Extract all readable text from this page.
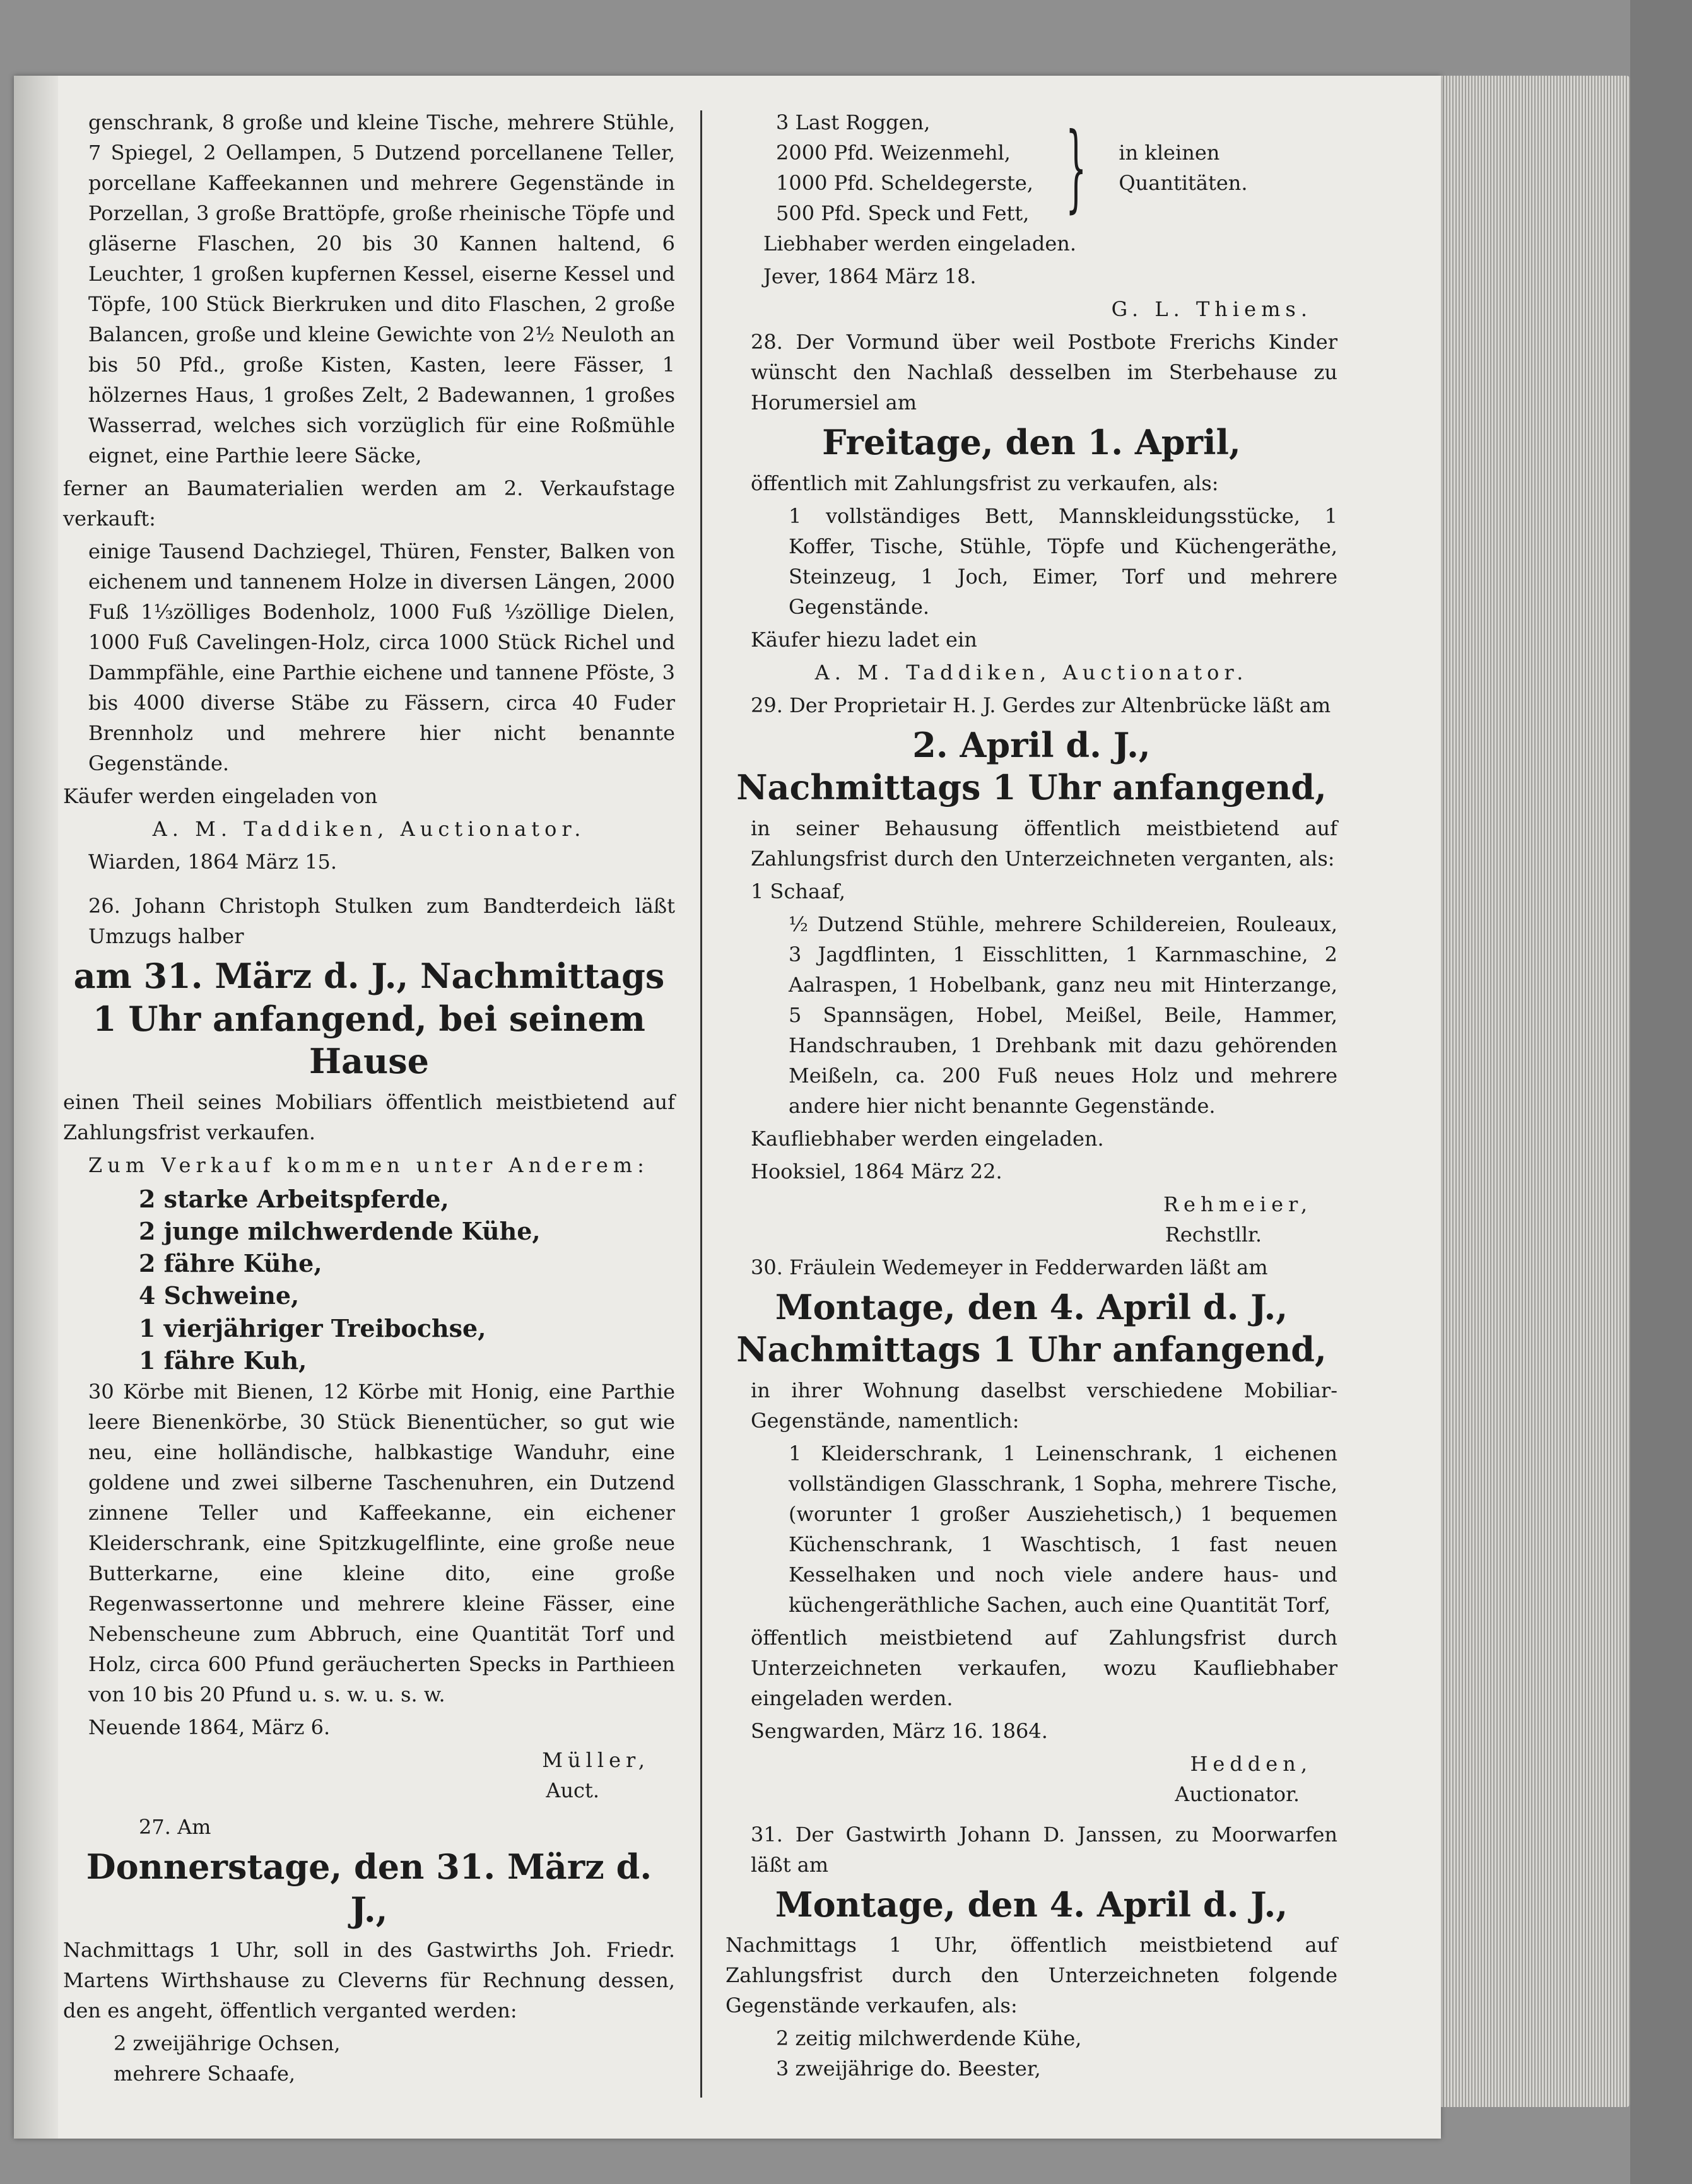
genschrank, 8 große und kleine Tische, mehrere Stühle, 7 Spiegel, 2 Oellampen, 5 Dutzend porcellanene Teller, porcellane Kaffeekannen und mehrere Gegenstände in Porzellan, 3 große Brattöpfe, große rheinische Töpfe und gläserne Flaschen, 20 bis 30 Kannen haltend, 6 Leuchter, 1 großen kupfernen Kessel, eiserne Kessel und Töpfe, 100 Stück Bierkruken und dito Flaschen, 2 große Balancen, große und kleine Gewichte von 2½ Neuloth an bis 50 Pfd., große Kisten, Kasten, leere Fässer, 1 hölzernes Haus, 1 großes Zelt, 2 Badewannen, 1 großes Wasserrad, welches sich vorzüglich für eine Roßmühle eignet, eine Parthie leere Säcke,

ferner an Baumaterialien werden am 2. Verkaufstage verkauft:

einige Tausend Dachziegel, Thüren, Fenster, Balken von eichenem und tannenem Holze in diversen Längen, 2000 Fuß 1⅓zölliges Bodenholz, 1000 Fuß ⅓zöllige Dielen, 1000 Fuß Cavelingen-Holz, circa 1000 Stück Richel und Dammpfähle, eine Parthie eichene und tannene Pföste, 3 bis 4000 diverse Stäbe zu Fässern, circa 40 Fuder Brennholz und mehrere hier nicht benannte Gegenstände.

Käufer werden eingeladen von

A. M. Taddiken, Auctionator.

Wiarden, 1864 März 15.

26. Johann Christoph Stulken zum Bandterdeich läßt Umzugs halber

am 31. März d. J., Nachmittags 1 Uhr anfangend, bei seinem Hause

einen Theil seines Mobiliars öffentlich meistbietend auf Zahlungsfrist verkaufen.

Zum Verkauf kommen unter Anderem:

2 starke Arbeitspferde,

2 junge milchwerdende Kühe,

2 fähre Kühe,

4 Schweine,

1 vierjähriger Treibochse,

1 fähre Kuh,

30 Körbe mit Bienen, 12 Körbe mit Honig, eine Parthie leere Bienenkörbe, 30 Stück Bienentücher, so gut wie neu, eine holländische, halbkastige Wanduhr, eine goldene und zwei silberne Taschenuhren, ein Dutzend zinnene Teller und Kaffeekanne, ein eichener Kleiderschrank, eine Spitzkugelflinte, eine große neue Butterkarne, eine kleine dito, eine große Regenwassertonne und mehrere kleine Fässer, eine Nebenscheune zum Abbruch, eine Quantität Torf und Holz, circa 600 Pfund geräucherten Specks in Parthieen von 10 bis 20 Pfund u. s. w. u. s. w.

Neuende 1864, März 6.

Müller,

Auct.

27. Am

Donnerstage, den 31. März d. J.,

Nachmittags 1 Uhr, soll in des Gastwirths Joh. Friedr. Martens Wirthshause zu Cleverns für Rechnung dessen, den es angeht, öffentlich verganted werden:

2 zweijährige Ochsen,

mehrere Schaafe,

3 Last Roggen,
2000 Pfd. Weizenmehl,
1000 Pfd. Scheldegerste,
500 Pfd. Speck und Fett, } in kleinen Quantitäten.

Liebhaber werden eingeladen.

Jever, 1864 März 18.

G. L. Thiems.

28. Der Vormund über weil Postbote Frerichs Kinder wünscht den Nachlaß desselben im Sterbehause zu Horumersiel am

Freitage, den 1. April,

öffentlich mit Zahlungsfrist zu verkaufen, als:

1 vollständiges Bett, Mannskleidungsstücke, 1 Koffer, Tische, Stühle, Töpfe und Küchengeräthe, Steinzeug, 1 Joch, Eimer, Torf und mehrere Gegenstände.

Käufer hiezu ladet ein

A. M. Taddiken, Auctionator.

29. Der Proprietair H. J. Gerdes zur Altenbrücke läßt am

2. April d. J.,

Nachmittags 1 Uhr anfangend,

in seiner Behausung öffentlich meistbietend auf Zahlungsfrist durch den Unterzeichneten verganten, als:

1 Schaaf,

½ Dutzend Stühle, mehrere Schildereien, Rouleaux, 3 Jagdflinten, 1 Eisschlitten, 1 Karnmaschine, 2 Aalraspen, 1 Hobelbank, ganz neu mit Hinterzange, 5 Spannsägen, Hobel, Meißel, Beile, Hammer, Handschrauben, 1 Drehbank mit dazu gehörenden Meißeln, ca. 200 Fuß neues Holz und mehrere andere hier nicht benannte Gegenstände.

Kaufliebhaber werden eingeladen.

Hooksiel, 1864 März 22.

Rehmeier,

Rechstllr.

30. Fräulein Wedemeyer in Fedderwarden läßt am

Montage, den 4. April d. J.,

Nachmittags 1 Uhr anfangend,

in ihrer Wohnung daselbst verschiedene Mobiliar-Gegenstände, namentlich:

1 Kleiderschrank, 1 Leinenschrank, 1 eichenen vollständigen Glasschrank, 1 Sopha, mehrere Tische, (worunter 1 großer Ausziehetisch,) 1 bequemen Küchenschrank, 1 Waschtisch, 1 fast neuen Kesselhaken und noch viele andere haus- und küchengeräthliche Sachen, auch eine Quantität Torf,

öffentlich meistbietend auf Zahlungsfrist durch Unterzeichneten verkaufen, wozu Kaufliebhaber eingeladen werden.

Sengwarden, März 16. 1864.

Hedden,

Auctionator.

31. Der Gastwirth Johann D. Janssen, zu Moorwarfen läßt am

Montage, den 4. April d. J.,

Nachmittags 1 Uhr, öffentlich meistbietend auf Zahlungsfrist durch den Unterzeichneten folgende Gegenstände verkaufen, als:

2 zeitig milchwerdende Kühe,

3 zweijährige do. Beester,
